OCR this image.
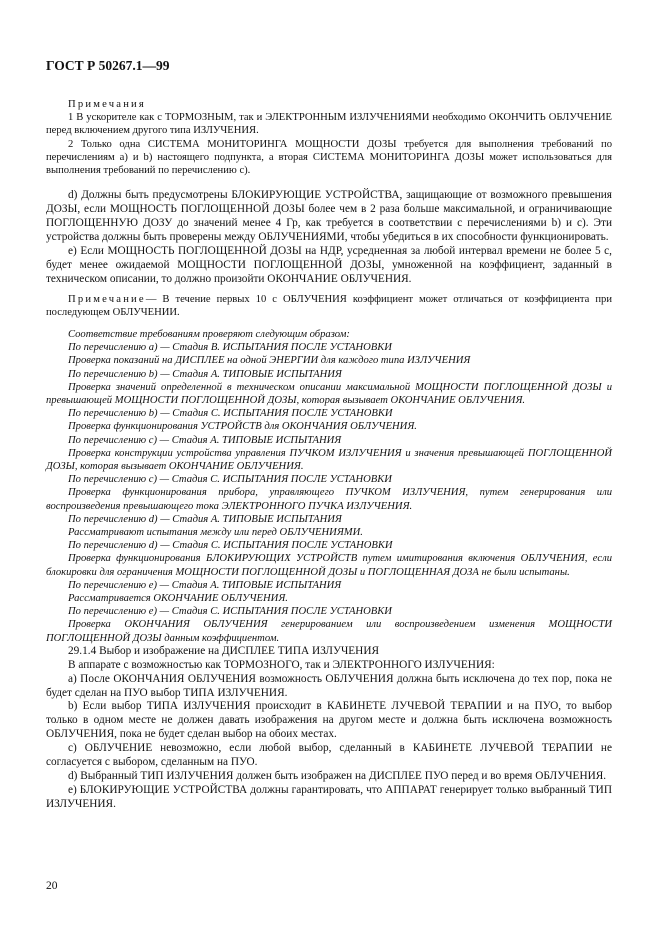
ГОСТ Р 50267.1—99

Примечания

1 В ускорителе как с ТОРМОЗНЫМ, так и ЭЛЕКТРОННЫМ ИЗЛУЧЕНИЯМИ необходимо ОКОНЧИТЬ ОБЛУЧЕНИЕ перед включением другого типа ИЗЛУЧЕНИЯ.

2 Только одна СИСТЕМА МОНИТОРИНГА МОЩНОСТИ ДОЗЫ требуется для выполнения требований по перечислениям a) и b) настоящего подпункта, а вторая СИСТЕМА МОНИТОРИНГА ДОЗЫ может использоваться для выполнения требований по перечислению c).

d) Должны быть предусмотрены БЛОКИРУЮЩИЕ УСТРОЙСТВА, защищающие от возможного превышения ДОЗЫ, если МОЩНОСТЬ ПОГЛОЩЕННОЙ ДОЗЫ более чем в 2 раза больше максимальной, и ограничивающие ПОГЛОЩЕННУЮ ДОЗУ до значений менее 4 Гр, как требуется в соответствии с перечислениями b) и c). Эти устройства должны быть проверены между ОБЛУЧЕНИЯМИ, чтобы убедиться в их способности функционировать.

e) Если МОЩНОСТЬ ПОГЛОЩЕННОЙ ДОЗЫ на НДР, усредненная за любой интервал времени не более 5 с, будет менее ожидаемой МОЩНОСТИ ПОГЛОЩЕННОЙ ДОЗЫ, умноженной на коэффициент, заданный в техническом описании, то должно произойти ОКОНЧАНИЕ ОБЛУЧЕНИЯ.

Примечание— В течение первых 10 с ОБЛУЧЕНИЯ коэффициент может отличаться от коэффициента при последующем ОБЛУЧЕНИИ.

Соответствие требованиям проверяют следующим образом:

По перечислению a) — Стадия В. ИСПЫТАНИЯ ПОСЛЕ УСТАНОВКИ

Проверка показаний на ДИСПЛЕЕ на одной ЭНЕРГИИ для каждого типа ИЗЛУЧЕНИЯ

По перечислению b) — Стадия А. ТИПОВЫЕ ИСПЫТАНИЯ

Проверка значений определенной в техническом описании максимальной МОЩНОСТИ ПОГЛОЩЕННОЙ ДОЗЫ и превышающей МОЩНОСТИ ПОГЛОЩЕННОЙ ДОЗЫ, которая вызывает ОКОНЧАНИЕ ОБЛУЧЕНИЯ.

По перечислению b) — Стадия С. ИСПЫТАНИЯ ПОСЛЕ УСТАНОВКИ

Проверка функционирования УСТРОЙСТВ для ОКОНЧАНИЯ ОБЛУЧЕНИЯ.

По перечислению c) — Стадия А. ТИПОВЫЕ ИСПЫТАНИЯ

Проверка конструкции устройства управления ПУЧКОМ ИЗЛУЧЕНИЯ и значения превышающей ПОГЛОЩЕННОЙ ДОЗЫ, которая вызывает ОКОНЧАНИЕ ОБЛУЧЕНИЯ.

По перечислению c) — Стадия С. ИСПЫТАНИЯ ПОСЛЕ УСТАНОВКИ

Проверка функционирования прибора, управляющего ПУЧКОМ ИЗЛУЧЕНИЯ, путем генерирования или воспроизведения превышающего тока ЭЛЕКТРОННОГО ПУЧКА ИЗЛУЧЕНИЯ.

По перечислению d) — Стадия А. ТИПОВЫЕ ИСПЫТАНИЯ

Рассматривают испытания между или перед ОБЛУЧЕНИЯМИ.

По перечислению d) — Стадия С. ИСПЫТАНИЯ ПОСЛЕ УСТАНОВКИ

Проверка функционирования БЛОКИРУЮЩИХ УСТРОЙСТВ путем имитирования включения ОБЛУЧЕНИЯ, если блокировки для ограничения МОЩНОСТИ ПОГЛОЩЕННОЙ ДОЗЫ и ПОГЛОЩЕННАЯ ДОЗА не были испытаны.

По перечислению e) — Стадия А. ТИПОВЫЕ ИСПЫТАНИЯ

Рассматривается ОКОНЧАНИЕ ОБЛУЧЕНИЯ.

По перечислению e) — Стадия С. ИСПЫТАНИЯ ПОСЛЕ УСТАНОВКИ

Проверка ОКОНЧАНИЯ ОБЛУЧЕНИЯ генерированием или воспроизведением изменения МОЩНОСТИ ПОГЛОЩЕННОЙ ДОЗЫ данным коэффициентом.

29.1.4 Выбор и изображение на ДИСПЛЕЕ ТИПА ИЗЛУЧЕНИЯ

В аппарате с возможностью как ТОРМОЗНОГО, так и ЭЛЕКТРОННОГО ИЗЛУЧЕНИЯ:

a) После ОКОНЧАНИЯ ОБЛУЧЕНИЯ возможность ОБЛУЧЕНИЯ должна быть исключена до тех пор, пока не будет сделан на ПУО выбор ТИПА ИЗЛУЧЕНИЯ.

b) Если выбор ТИПА ИЗЛУЧЕНИЯ происходит в КАБИНЕТЕ ЛУЧЕВОЙ ТЕРАПИИ и на ПУО, то выбор только в одном месте не должен давать изображения на другом месте и должна быть исключена возможность ОБЛУЧЕНИЯ, пока не будет сделан выбор на обоих местах.

c) ОБЛУЧЕНИЕ невозможно, если любой выбор, сделанный в КАБИНЕТЕ ЛУЧЕВОЙ ТЕРАПИИ не согласуется с выбором, сделанным на ПУО.

d) Выбранный ТИП ИЗЛУЧЕНИЯ должен быть изображен на ДИСПЛЕЕ ПУО перед и во время ОБЛУЧЕНИЯ.

e) БЛОКИРУЮЩИЕ УСТРОЙСТВА должны гарантировать, что АППАРАТ генерирует только выбранный ТИП ИЗЛУЧЕНИЯ.

20
